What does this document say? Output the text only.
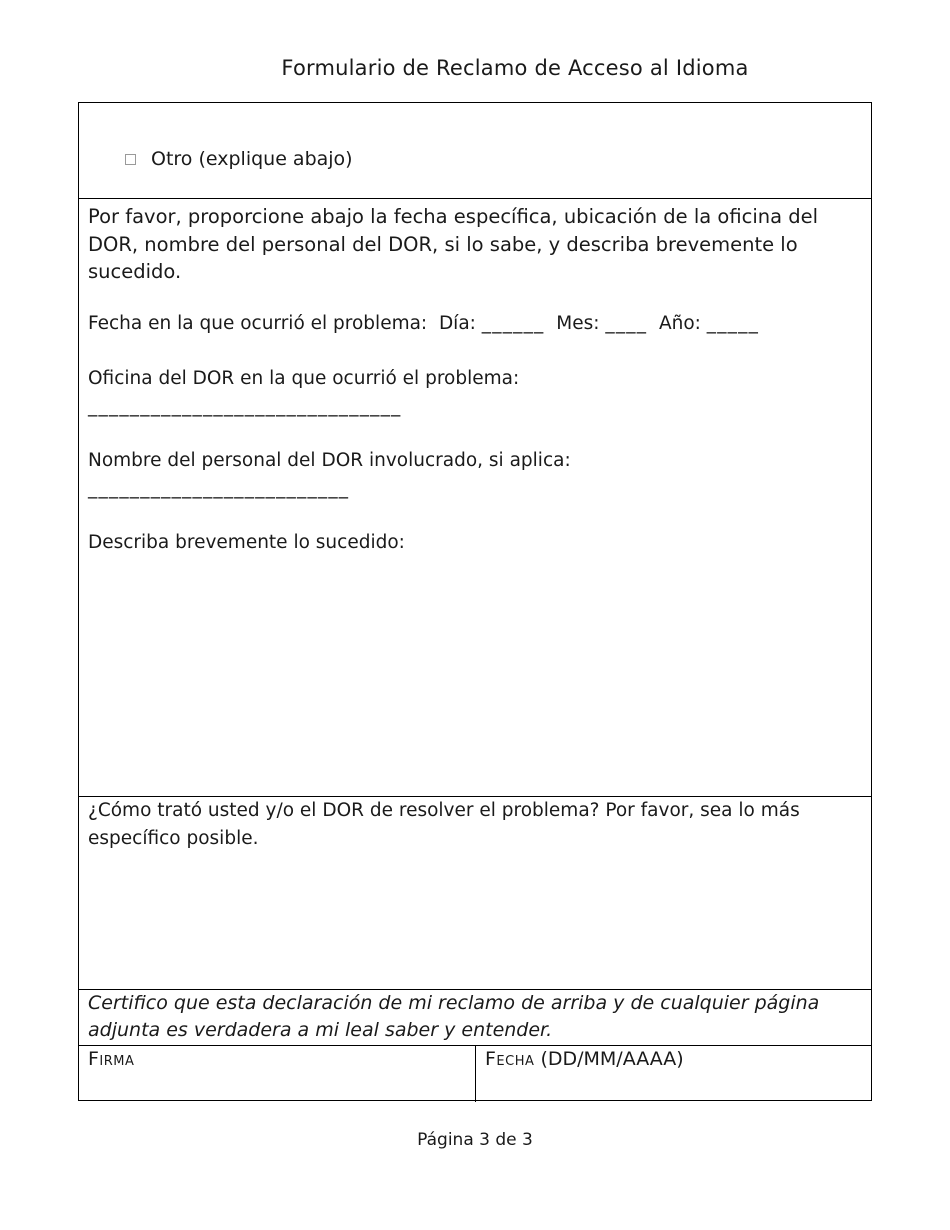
Formulario de Reclamo de Acceso al Idioma
Otro (explique abajo)
Por favor, proporcione abajo la fecha específica, ubicación de la oficina del DOR, nombre del personal del DOR, si lo sabe, y describa brevemente lo sucedido.
Fecha en la que ocurrió el problema: Día: ______ Mes: ____ Año: _____
Oficina del DOR en la que ocurrió el problema:
______________________________
Nombre del personal del DOR involucrado, si aplica:
_________________________
Describa brevemente lo sucedido:
¿Cómo trató usted y/o el DOR de resolver el problema? Por favor, sea lo más específico posible.
Certifico que esta declaración de mi reclamo de arriba y de cualquier página adjunta es verdadera a mi leal saber y entender.
Firma	Fecha (DD/MM/AAAA)
Página 3 de 3
